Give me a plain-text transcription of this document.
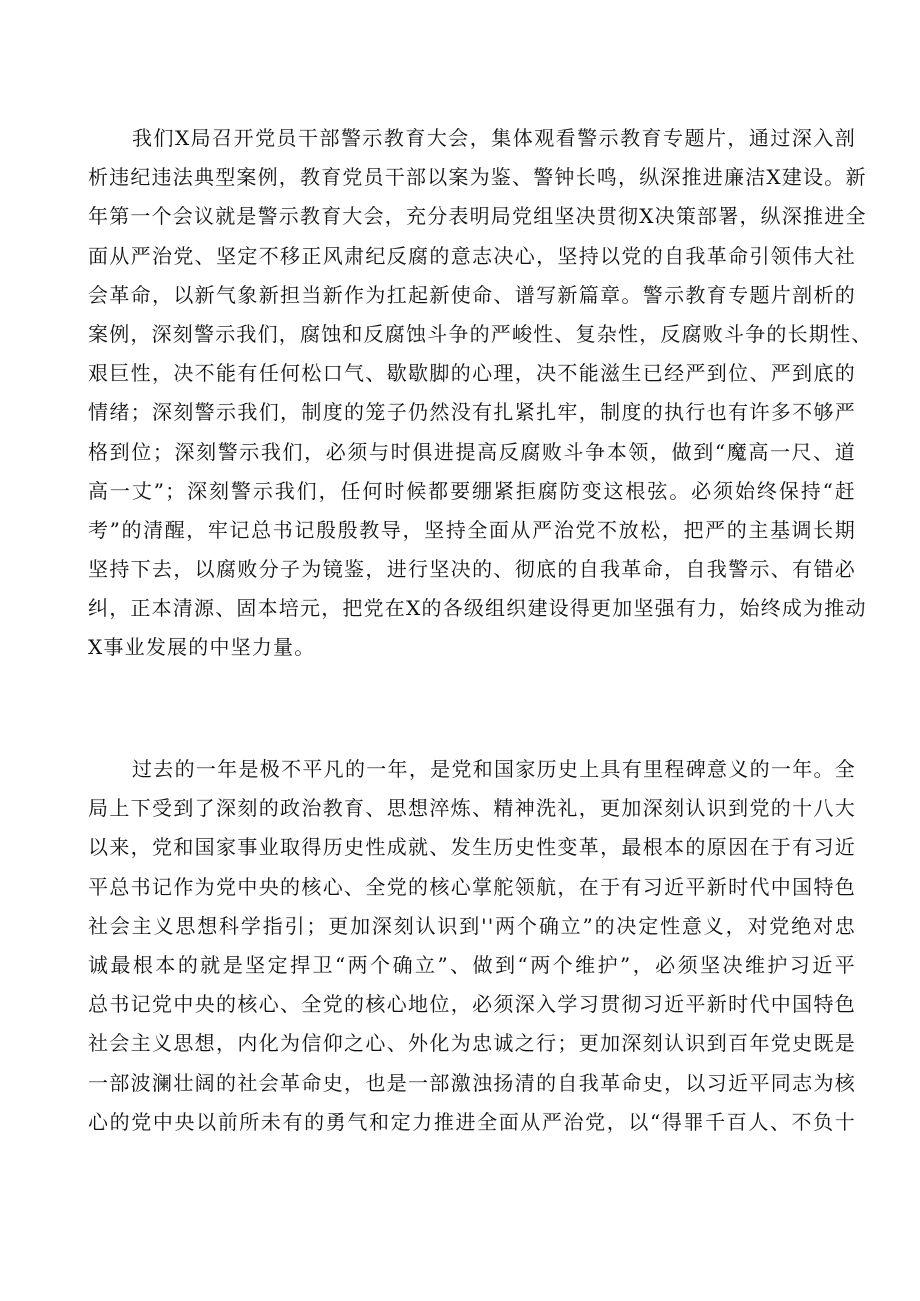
我们X局召开党员干部警示教育大会，集体观看警示教育专题片，通过深入剖
析违纪违法典型案例，教育党员干部以案为鉴、警钟长鸣，纵深推进廉洁X建设。新
年第一个会议就是警示教育大会，充分表明局党组坚决贯彻X决策部署，纵深推进全
面从严治党、坚定不移正风肃纪反腐的意志决心，坚持以党的自我革命引领伟大社
会革命，以新气象新担当新作为扛起新使命、谱写新篇章。警示教育专题片剖析的
案例，深刻警示我们，腐蚀和反腐蚀斗争的严峻性、复杂性，反腐败斗争的长期性、
艰巨性，决不能有任何松口气、歇歇脚的心理，决不能滋生已经严到位、严到底的
情绪；深刻警示我们，制度的笼子仍然没有扎紧扎牢，制度的执行也有许多不够严
格到位；深刻警示我们，必须与时俱进提高反腐败斗争本领，做到“魔高一尺、道
高一丈”；深刻警示我们，任何时候都要绷紧拒腐防变这根弦。必须始终保持“赶
考”的清醒，牢记总书记殷殷教导，坚持全面从严治党不放松，把严的主基调长期
坚持下去，以腐败分子为镜鉴，进行坚决的、彻底的自我革命，自我警示、有错必
纠，正本清源、固本培元，把党在X的各级组织建设得更加坚强有力，始终成为推动
X事业发展的中坚力量。
过去的一年是极不平凡的一年，是党和国家历史上具有里程碑意义的一年。全
局上下受到了深刻的政治教育、思想淬炼、精神洗礼，更加深刻认识到党的十八大
以来，党和国家事业取得历史性成就、发生历史性变革，最根本的原因在于有习近
平总书记作为党中央的核心、全党的核心掌舵领航，在于有习近平新时代中国特色
社会主义思想科学指引；更加深刻认识到''两个确立”的决定性意义，对党绝对忠
诚最根本的就是坚定捍卫“两个确立”、做到“两个维护”，必须坚决维护习近平
总书记党中央的核心、全党的核心地位，必须深入学习贯彻习近平新时代中国特色
社会主义思想，内化为信仰之心、外化为忠诚之行；更加深刻认识到百年党史既是
一部波澜壮阔的社会革命史，也是一部激浊扬清的自我革命史，以习近平同志为核
心的党中央以前所未有的勇气和定力推进全面从严治党，以“得罪千百人、不负十
